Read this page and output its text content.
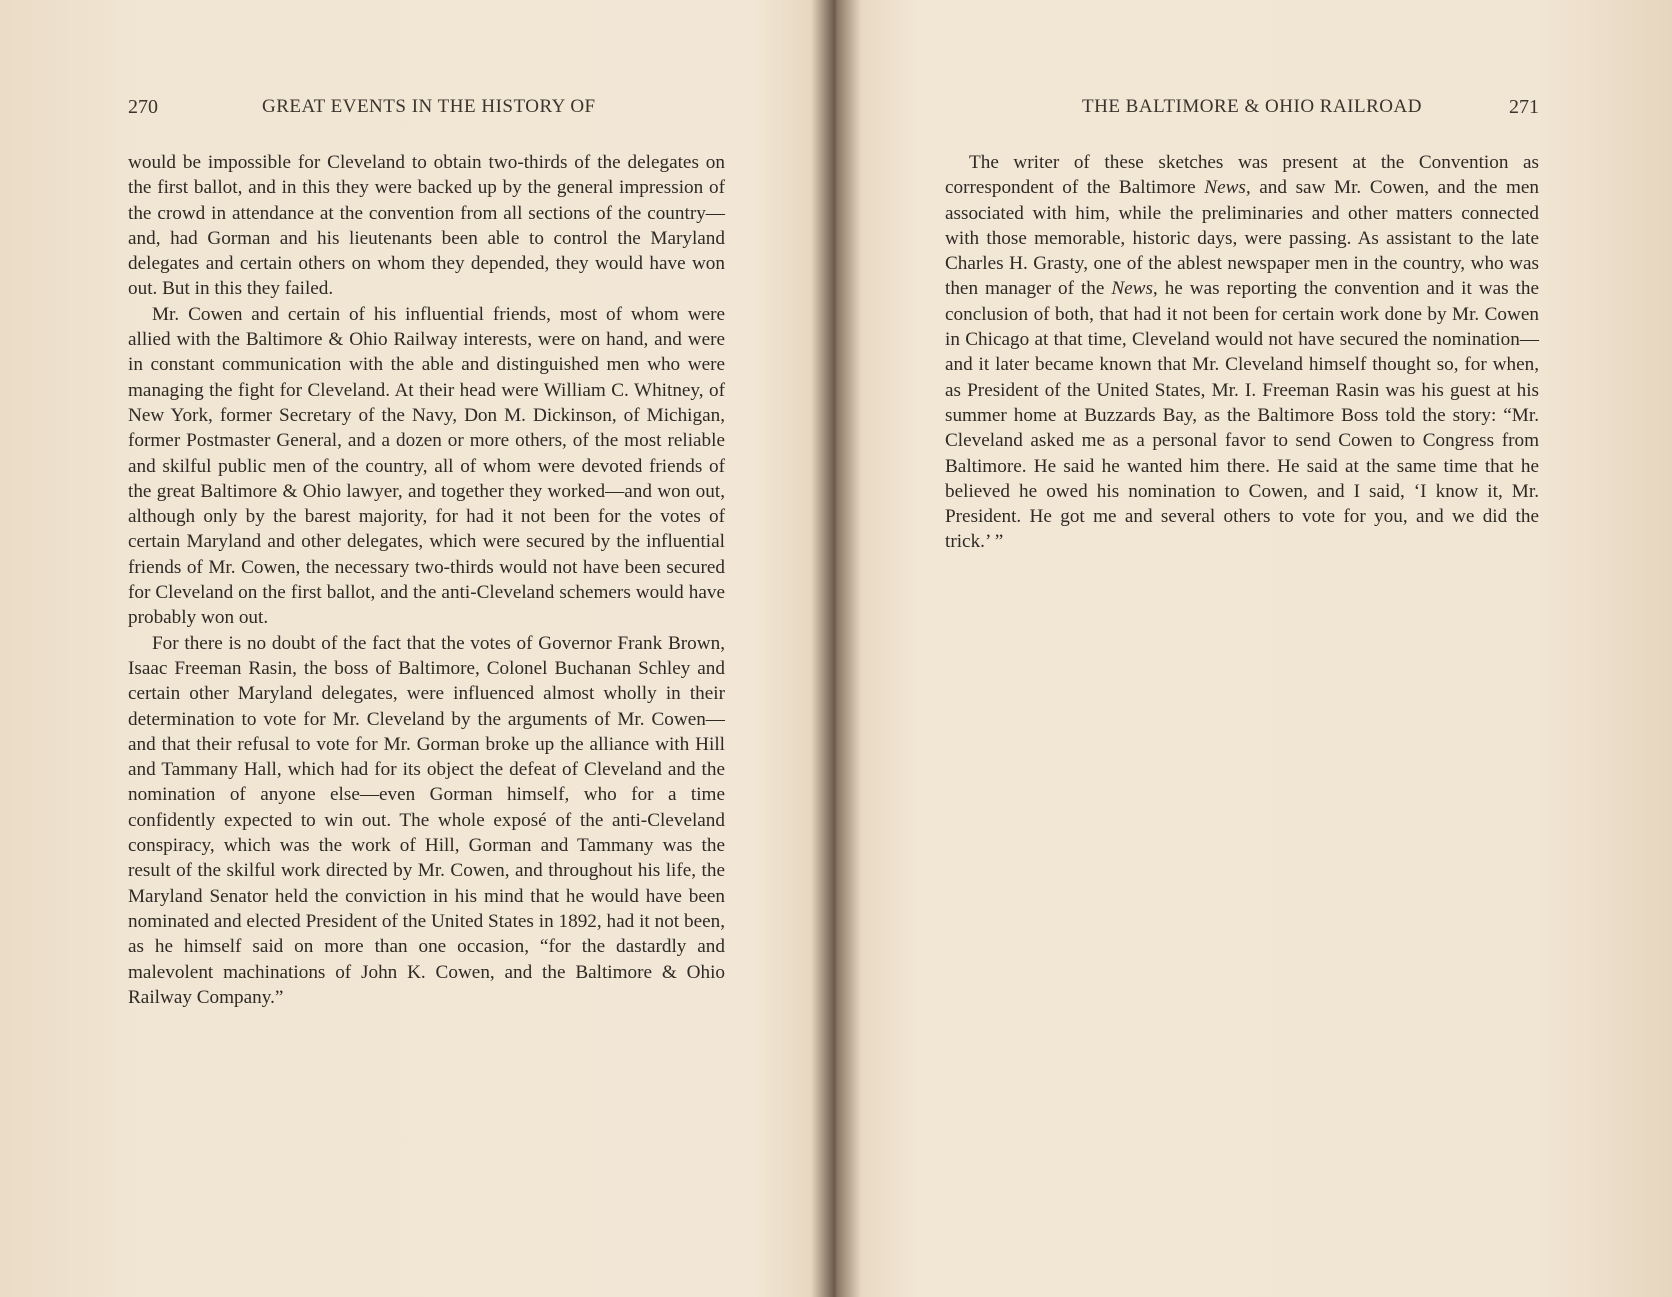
270	GREAT EVENTS IN THE HISTORY OF

would be impossible for Cleveland to obtain two-thirds of the delegates on the first ballot, and in this they were backed up by the general impression of the crowd in attendance at the convention from all sections of the country—and, had Gorman and his lieutenants been able to control the Maryland delegates and certain others on whom they depended, they would have won out. But in this they failed.

Mr. Cowen and certain of his influential friends, most of whom were allied with the Baltimore & Ohio Railway interests, were on hand, and were in constant communication with the able and distinguished men who were managing the fight for Cleveland. At their head were William C. Whitney, of New York, former Secretary of the Navy, Don M. Dickinson, of Michigan, former Postmaster General, and a dozen or more others, of the most reliable and skilful public men of the country, all of whom were devoted friends of the great Baltimore & Ohio lawyer, and together they worked—and won out, although only by the barest majority, for had it not been for the votes of certain Maryland and other delegates, which were secured by the influential friends of Mr. Cowen, the necessary two-thirds would not have been secured for Cleveland on the first ballot, and the anti-Cleveland schemers would have probably won out.

For there is no doubt of the fact that the votes of Governor Frank Brown, Isaac Freeman Rasin, the boss of Baltimore, Colonel Buchanan Schley and certain other Maryland delegates, were influenced almost wholly in their determination to vote for Mr. Cleveland by the arguments of Mr. Cowen—and that their refusal to vote for Mr. Gorman broke up the alliance with Hill and Tammany Hall, which had for its object the defeat of Cleveland and the nomination of anyone else—even Gorman himself, who for a time confidently expected to win out. The whole exposé of the anti-Cleveland conspiracy, which was the work of Hill, Gorman and Tammany was the result of the skilful work directed by Mr. Cowen, and throughout his life, the Maryland Senator held the conviction in his mind that he would have been nominated and elected President of the United States in 1892, had it not been, as he himself said on more than one occasion, “for the dastardly and malevolent machinations of John K. Cowen, and the Baltimore & Ohio Railway Company.”

THE BALTIMORE & OHIO RAILROAD	271

The writer of these sketches was present at the Convention as correspondent of the Baltimore News, and saw Mr. Cowen, and the men associated with him, while the preliminaries and other matters connected with those memorable, historic days, were passing. As assistant to the late Charles H. Grasty, one of the ablest newspaper men in the country, who was then manager of the News, he was reporting the convention and it was the conclusion of both, that had it not been for certain work done by Mr. Cowen in Chicago at that time, Cleveland would not have secured the nomination—and it later became known that Mr. Cleveland himself thought so, for when, as President of the United States, Mr. I. Freeman Rasin was his guest at his summer home at Buzzards Bay, as the Baltimore Boss told the story: “Mr. Cleveland asked me as a personal favor to send Cowen to Congress from Baltimore. He said he wanted him there. He said at the same time that he believed he owed his nomination to Cowen, and I said, ‘I know it, Mr. President. He got me and several others to vote for you, and we did the trick.’ ”
